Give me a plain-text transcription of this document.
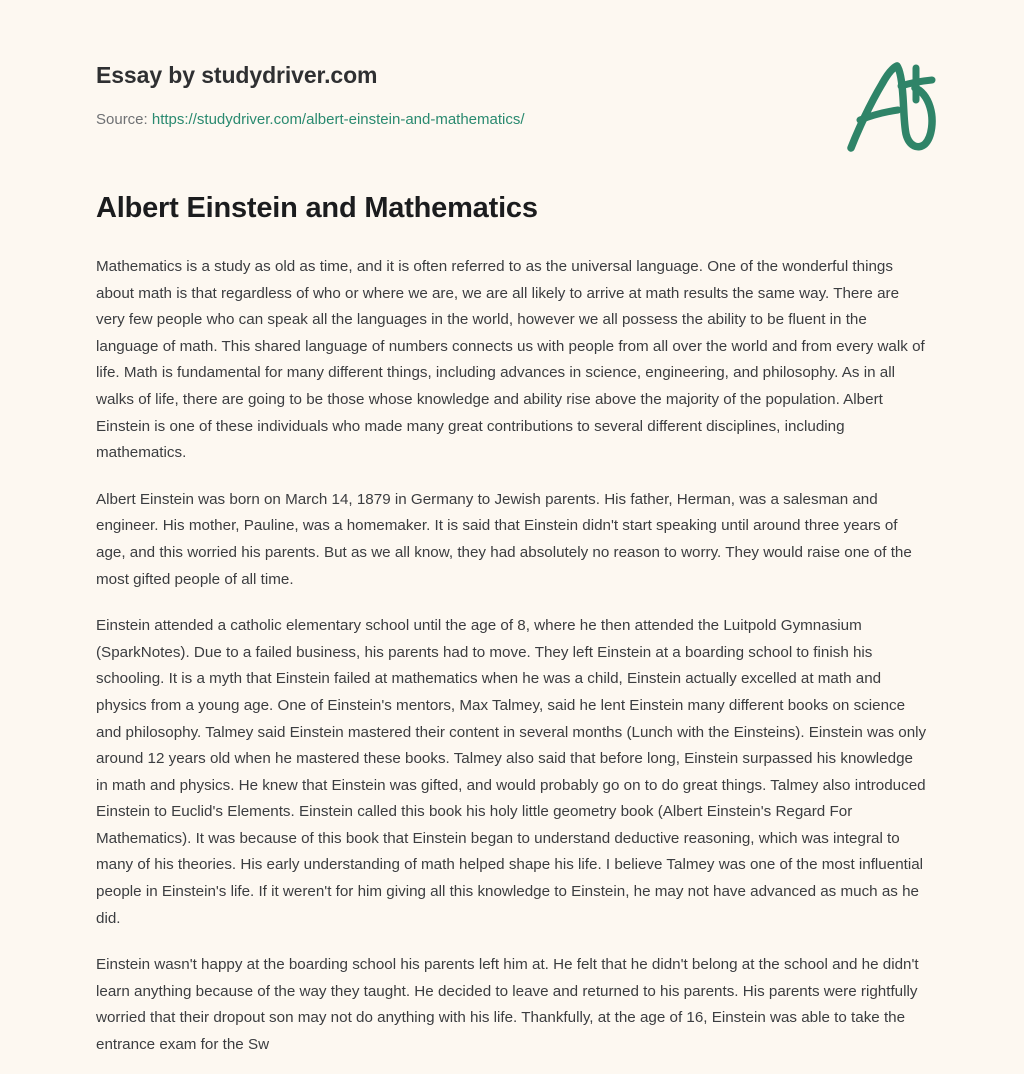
Essay by studydriver.com
Source: https://studydriver.com/albert-einstein-and-mathematics/
Albert Einstein and Mathematics

Mathematics is a study as old as time, and it is often referred to as the universal language. One of the wonderful things about math is that regardless of who or where we are, we are all likely to arrive at math results the same way. There are very few people who can speak all the languages in the world, however we all possess the ability to be fluent in the language of math. This shared language of numbers connects us with people from all over the world and from every walk of life. Math is fundamental for many different things, including advances in science, engineering, and philosophy. As in all walks of life, there are going to be those whose knowledge and ability rise above the majority of the population. Albert Einstein is one of these individuals who made many great contributions to several different disciplines, including mathematics.

Albert Einstein was born on March 14, 1879 in Germany to Jewish parents. His father, Herman, was a salesman and engineer. His mother, Pauline, was a homemaker. It is said that Einstein didn't start speaking until around three years of age, and this worried his parents. But as we all know, they had absolutely no reason to worry. They would raise one of the most gifted people of all time.

Einstein attended a catholic elementary school until the age of 8, where he then attended the Luitpold Gymnasium (SparkNotes). Due to a failed business, his parents had to move. They left Einstein at a boarding school to finish his schooling. It is a myth that Einstein failed at mathematics when he was a child, Einstein actually excelled at math and physics from a young age. One of Einstein's mentors, Max Talmey, said he lent Einstein many different books on science and philosophy. Talmey said Einstein mastered their content in several months (Lunch with the Einsteins). Einstein was only around 12 years old when he mastered these books. Talmey also said that before long, Einstein surpassed his knowledge in math and physics. He knew that Einstein was gifted, and would probably go on to do great things. Talmey also introduced Einstein to Euclid's Elements. Einstein called this book his holy little geometry book (Albert Einstein's Regard For Mathematics). It was because of this book that Einstein began to understand deductive reasoning, which was integral to many of his theories. His early understanding of math helped shape his life. I believe Talmey was one of the most influential people in Einstein's life. If it weren't for him giving all this knowledge to Einstein, he may not have advanced as much as he did.

Einstein wasn't happy at the boarding school his parents left him at. He felt that he didn't belong at the school and he didn't learn anything because of the way they taught. He decided to leave and returned to his parents. His parents were rightfully worried that their dropout son may not do anything with his life. Thankfully, at the age of 16, Einstein was able to take the entrance exam for the Sw
